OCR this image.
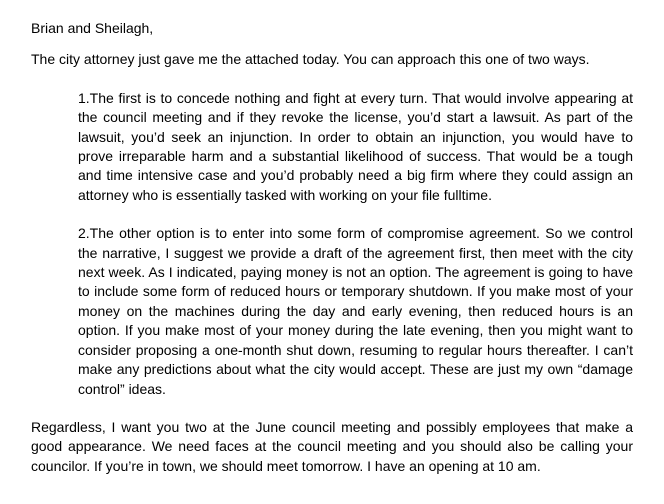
Brian and Sheilagh,

The city attorney just gave me the attached today. You can approach this one of two ways.

1.The first is to concede nothing and fight at every turn. That would involve appearing at the council meeting and if they revoke the license, you’d start a lawsuit. As part of the lawsuit, you’d seek an injunction. In order to obtain an injunction, you would have to prove irreparable harm and a substantial likelihood of success. That would be a tough and time intensive case and you’d probably need a big firm where they could assign an attorney who is essentially tasked with working on your file fulltime.

2.The other option is to enter into some form of compromise agreement. So we control the narrative, I suggest we provide a draft of the agreement first, then meet with the city next week. As I indicated, paying money is not an option. The agreement is going to have to include some form of reduced hours or temporary shutdown. If you make most of your money on the machines during the day and early evening, then reduced hours is an option. If you make most of your money during the late evening, then you might want to consider proposing a one-month shut down, resuming to regular hours thereafter. I can’t make any predictions about what the city would accept. These are just my own “damage control” ideas.

Regardless, I want you two at the June council meeting and possibly employees that make a good appearance. We need faces at the council meeting and you should also be calling your councilor. If you’re in town, we should meet tomorrow. I have an opening at 10 am.
